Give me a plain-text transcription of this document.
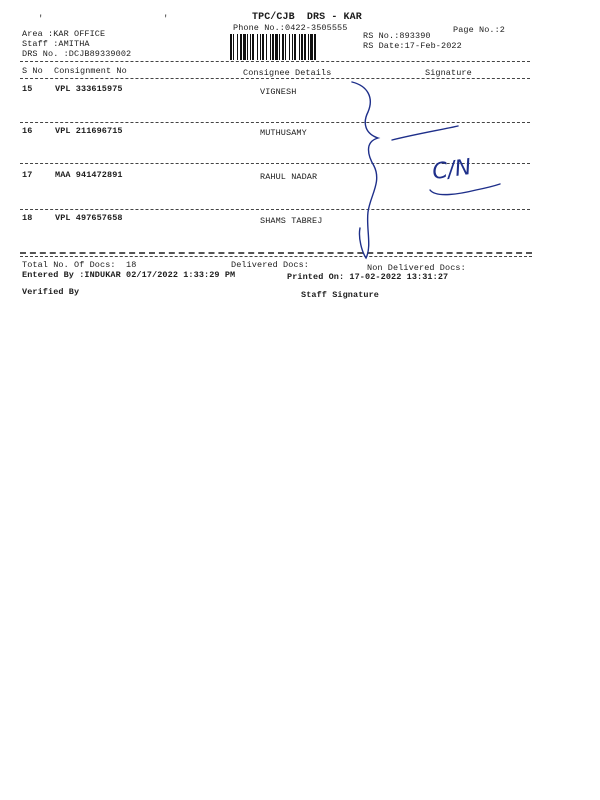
'	'	TPC/CJB  DRS - KAR
Phone No.:0422-3505555	Page No.:2
Area :KAR OFFICE
Staff :AMITHA
DRS No. :DCJB89339002
RS No.:893390
RS Date:17-Feb-2022
S No Consignment No	Consignee Details	Signature
15	VPL 333615975	VIGNESH
16	VPL 211696715	MUTHUSAMY
17	MAA 941472891	RAHUL NADAR
18	VPL 497657658	SHAMS TABREJ
Total No. Of Docs:  18	Delivered Docs:	Non Delivered Docs:
Entered By :INDUKAR 02/17/2022 1:33:29 PM	Printed On: 17-02-2022 13:31:27
Verified By	Staff Signature
C/N
